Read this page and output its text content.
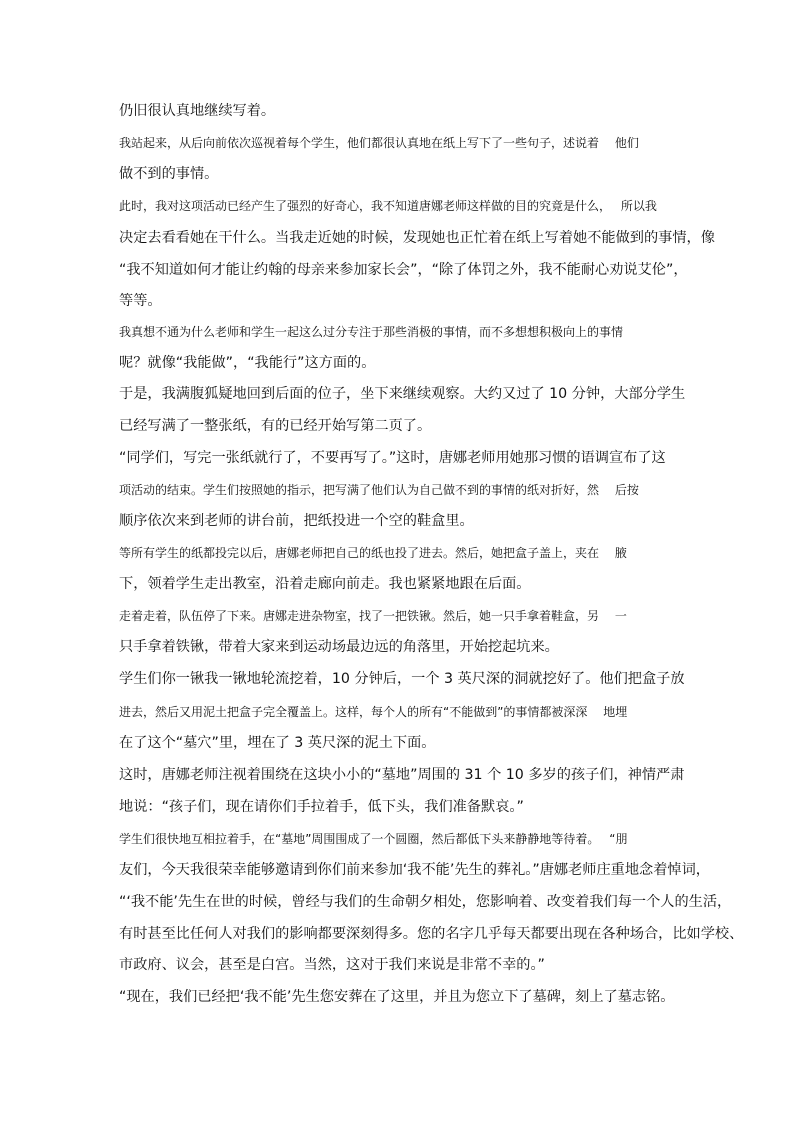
仍旧很认真地继续写着。
我站起来，从后向前依次巡视着每个学生，他们都很认真地在纸上写下了一些句子，述说着　 他们
做不到的事情。
此时，我对这项活动已经产生了强烈的好奇心，我不知道唐娜老师这样做的目的究竟是什么，　 所以我
决定去看看她在干什么。当我走近她的时候，发现她也正忙着在纸上写着她不能做到的事情，像
“我不知道如何才能让约翰的母亲来参加家长会”，“除了体罚之外，我不能耐心劝说艾伦”，
等等。
我真想不通为什么老师和学生一起这么过分专注于那些消极的事情，而不多想想积极向上的事情
呢？就像“我能做”，“我能行”这方面的。
于是，我满腹狐疑地回到后面的位子，坐下来继续观察。大约又过了 10 分钟，大部分学生
已经写满了一整张纸，有的已经开始写第二页了。
“同学们，写完一张纸就行了，不要再写了。”这时，唐娜老师用她那习惯的语调宣布了这
项活动的结束。学生们按照她的指示，把写满了他们认为自己做不到的事情的纸对折好，然　 后按
顺序依次来到老师的讲台前，把纸投进一个空的鞋盒里。
等所有学生的纸都投完以后，唐娜老师把自己的纸也投了进去。然后，她把盒子盖上，夹在　 腋
下，领着学生走出教室，沿着走廊向前走。我也紧紧地跟在后面。
走着走着，队伍停了下来。唐娜走进杂物室，找了一把铁锹。然后，她一只手拿着鞋盒，另　 一
只手拿着铁锹，带着大家来到运动场最边远的角落里，开始挖起坑来。
学生们你一锹我一锹地轮流挖着，10 分钟后，一个 3 英尺深的洞就挖好了。他们把盒子放
进去，然后又用泥土把盒子完全覆盖上。这样，每个人的所有“不能做到”的事情都被深深　 地埋
在了这个“墓穴”里，埋在了 3 英尺深的泥土下面。
这时，唐娜老师注视着围绕在这块小小的“墓地”周围的 31 个 10 多岁的孩子们，神情严肃
地说：“孩子们，现在请你们手拉着手，低下头，我们准备默哀。”
学生们很快地互相拉着手，在“墓地”周围围成了一个圆圈，然后都低下头来静静地等待着。　 “朋
友们，今天我很荣幸能够邀请到你们前来参加‘我不能’先生的葬礼。”唐娜老师庄重地念着悼词，
“‘我不能’先生在世的时候，曾经与我们的生命朝夕相处，您影响着、改变着我们每一个人的生活，
有时甚至比任何人对我们的影响都要深刻得多。您的名字几乎每天都要出现在各种场合，比如学校、
市政府、议会，甚至是白宫。当然，这对于我们来说是非常不幸的。”
“现在，我们已经把‘我不能’先生您安葬在了这里，并且为您立下了墓碑，刻上了墓志铭。
